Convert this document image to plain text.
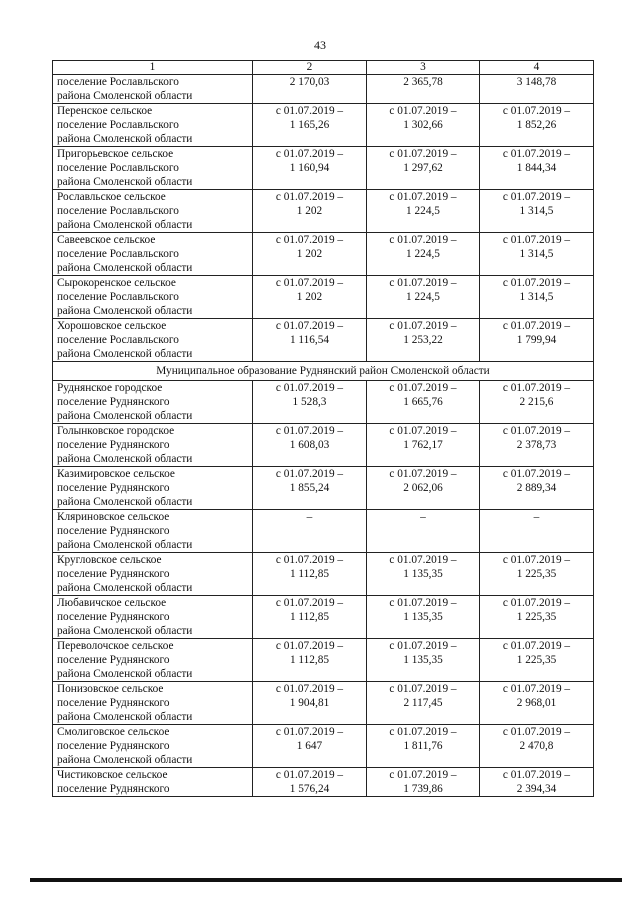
43
1	2	3	4

поселение Рославльского
района Смоленской области	2 170,03	2 365,78	3 148,78

Перенское сельское
поселение Рославльского
района Смоленской области	с 01.07.2019 –
1 165,26	с 01.07.2019 –
1 302,66	с 01.07.2019 –
1 852,26

Пригорьевское сельское
поселение Рославльского
района Смоленской области	с 01.07.2019 –
1 160,94	с 01.07.2019 –
1 297,62	с 01.07.2019 –
1 844,34

Рославльское сельское
поселение Рославльского
района Смоленской области	с 01.07.2019 –
1 202	с 01.07.2019 –
1 224,5	с 01.07.2019 –
1 314,5

Савеевское сельское
поселение Рославльского
района Смоленской области	с 01.07.2019 –
1 202	с 01.07.2019 –
1 224,5	с 01.07.2019 –
1 314,5

Сырокоренское сельское
поселение Рославльского
района Смоленской области	с 01.07.2019 –
1 202	с 01.07.2019 –
1 224,5	с 01.07.2019 –
1 314,5

Хорошовское сельское
поселение Рославльского
района Смоленской области	с 01.07.2019 –
1 116,54	с 01.07.2019 –
1 253,22	с 01.07.2019 –
1 799,94

Муниципальное образование Руднянский район Смоленской области			

Руднянское городское
поселение Руднянского
района Смоленской области	с 01.07.2019 –
1 528,3	с 01.07.2019 –
1 665,76	с 01.07.2019 –
2 215,6

Голынковское городское
поселение Руднянского
района Смоленской области	с 01.07.2019 –
1 608,03	с 01.07.2019 –
1 762,17	с 01.07.2019 –
2 378,73

Казимировское сельское
поселение Руднянского
района Смоленской области	с 01.07.2019 –
1 855,24	с 01.07.2019 –
2 062,06	с 01.07.2019 –
2 889,34

Кляриновское сельское
поселение Руднянского
района Смоленской области	–	–	–

Кругловское сельское
поселение Руднянского
района Смоленской области	с 01.07.2019 –
1 112,85	с 01.07.2019 –
1 135,35	с 01.07.2019 –
1 225,35

Любавичское сельское
поселение Руднянского
района Смоленской области	с 01.07.2019 –
1 112,85	с 01.07.2019 –
1 135,35	с 01.07.2019 –
1 225,35

Переволочское сельское
поселение Руднянского
района Смоленской области	с 01.07.2019 –
1 112,85	с 01.07.2019 –
1 135,35	с 01.07.2019 –
1 225,35

Понизовское сельское
поселение Руднянского
района Смоленской области	с 01.07.2019 –
1 904,81	с 01.07.2019 –
2 117,45	с 01.07.2019 –
2 968,01

Смолиговское сельское
поселение Руднянского
района Смоленской области	с 01.07.2019 –
1 647	с 01.07.2019 –
1 811,76	с 01.07.2019 –
2 470,8

Чистиковское сельское
поселение Руднянского	с 01.07.2019 –
1 576,24	с 01.07.2019 –
1 739,86	с 01.07.2019 –
2 394,34
